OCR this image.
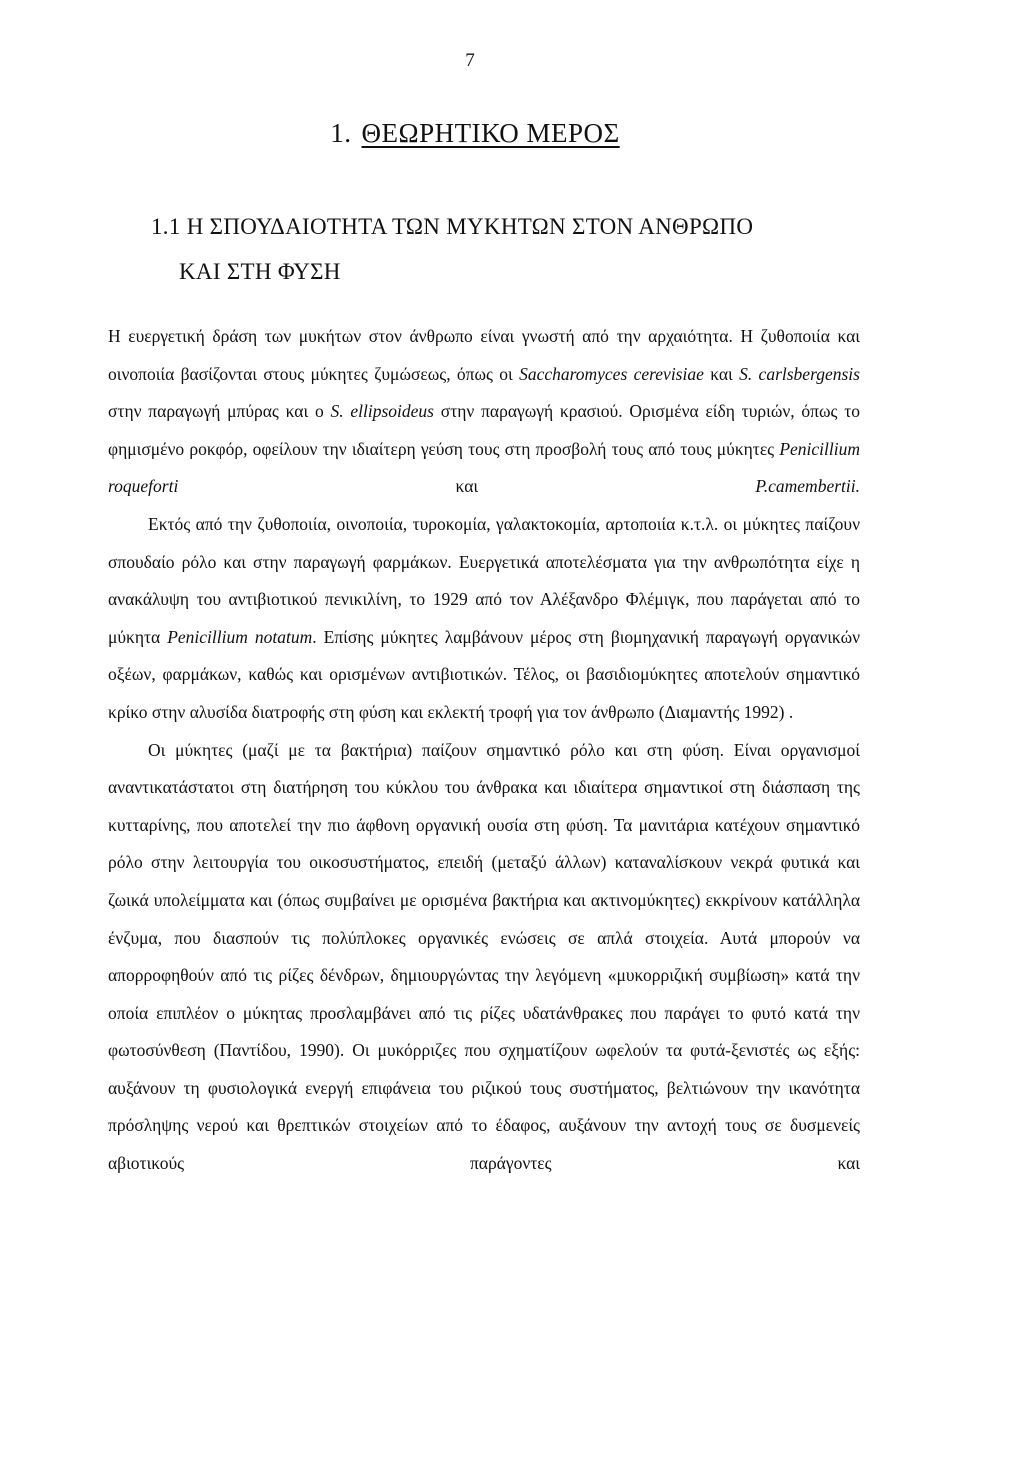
7
1. ΘΕΩΡΗΤΙΚΟ ΜΕΡΟΣ
1.1 Η ΣΠΟΥΔΑΙΟΤΗΤΑ ΤΩΝ ΜΥΚΗΤΩΝ ΣΤΟΝ ΑΝΘΡΩΠΟ
ΚΑΙ ΣΤΗ ΦΥΣΗ

Η ευεργετική δράση των μυκήτων στον άνθρωπο είναι γνωστή από την αρχαιότητα. Η ζυθοποιία και οινοποιία βασίζονται στους μύκητες ζυμώσεως, όπως οι Saccharomyces cerevisiae και S. carlsbergensis στην παραγωγή μπύρας και ο S. ellipsoideus στην παραγωγή κρασιού. Ορισμένα είδη τυριών, όπως το φημισμένο ροκφόρ, οφείλουν την ιδιαίτερη γεύση τους στη προσβολή τους από τους μύκητες Penicillium roqueforti και P.camembertii.

Εκτός από την ζυθοποιία, οινοποιία, τυροκομία, γαλακτοκομία, αρτοποιία κ.τ.λ. οι μύκητες παίζουν σπουδαίο ρόλο και στην παραγωγή φαρμάκων. Ευεργετικά αποτελέσματα για την ανθρωπότητα είχε η ανακάλυψη του αντιβιοτικού πενικιλίνη, το 1929 από τον Αλέξανδρο Φλέμιγκ, που παράγεται από το μύκητα Penicillium notatum. Επίσης μύκητες λαμβάνουν μέρος στη βιομηχανική παραγωγή οργανικών οξέων, φαρμάκων, καθώς και ορισμένων αντιβιοτικών. Τέλος, οι βασιδιομύκητες αποτελούν σημαντικό κρίκο στην αλυσίδα διατροφής στη φύση και εκλεκτή τροφή για τον άνθρωπο (Διαμαντής 1992) .

Οι μύκητες (μαζί με τα βακτήρια) παίζουν σημαντικό ρόλο και στη φύση. Είναι οργανισμοί αναντικατάστατοι στη διατήρηση του κύκλου του άνθρακα και ιδιαίτερα σημαντικοί στη διάσπαση της κυτταρίνης, που αποτελεί την πιο άφθονη οργανική ουσία στη φύση. Τα μανιτάρια κατέχουν σημαντικό ρόλο στην λειτουργία του οικοσυστήματος, επειδή (μεταξύ άλλων) καταναλίσκουν νεκρά φυτικά και ζωικά υπολείμματα και (όπως συμβαίνει με ορισμένα βακτήρια και ακτινομύκητες) εκκρίνουν κατάλληλα ένζυμα, που διασπούν τις πολύπλοκες οργανικές ενώσεις σε απλά στοιχεία. Αυτά μπορούν να απορροφηθούν από τις ρίζες δένδρων, δημιουργώντας την λεγόμενη «μυκορριζική συμβίωση» κατά την οποία επιπλέον ο μύκητας προσλαμβάνει από τις ρίζες υδατάνθρακες που παράγει το φυτό κατά την φωτοσύνθεση (Παντίδου, 1990). Οι μυκόρριζες που σχηματίζουν ωφελούν τα φυτά-ξενιστές ως εξής: αυξάνουν τη φυσιολογικά ενεργή επιφάνεια του ριζικού τους συστήματος, βελτιώνουν την ικανότητα πρόσληψης νερού και θρεπτικών στοιχείων από το έδαφος, αυξάνουν την αντοχή τους σε δυσμενείς αβιοτικούς παράγοντες και
